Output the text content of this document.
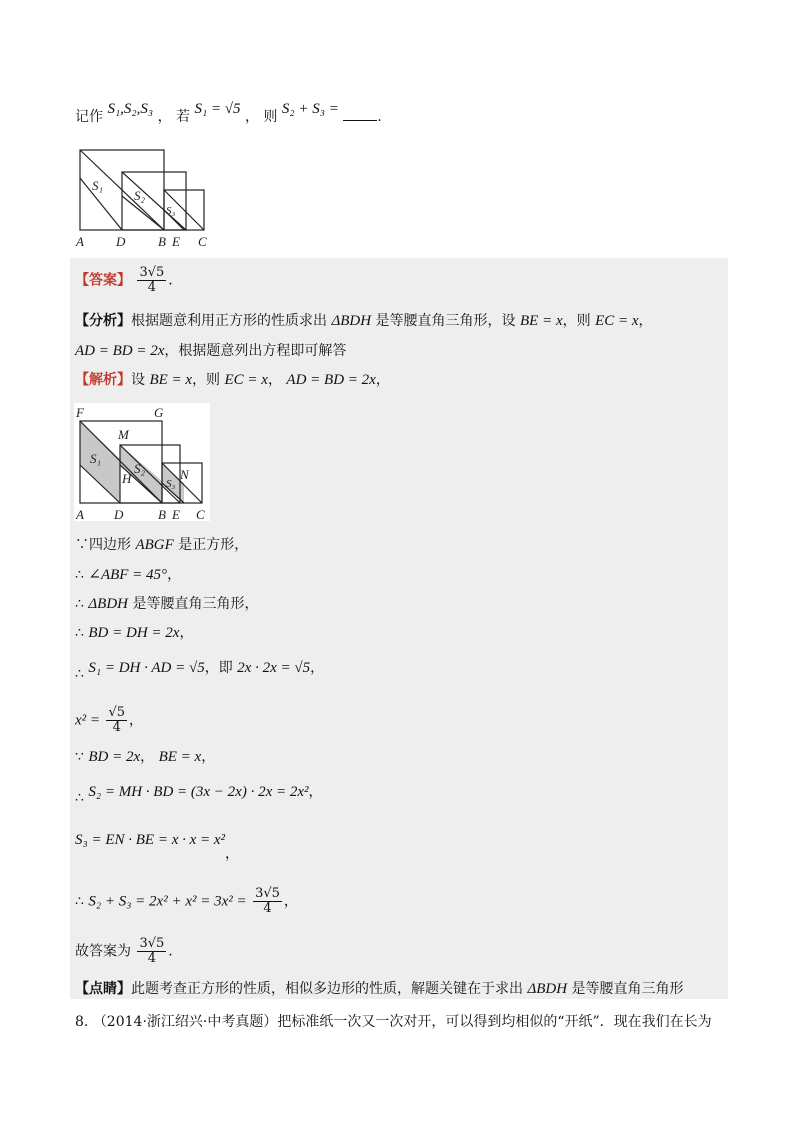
记作 S₁,S₂,S₃ ， 若 S₁ = √5 ， 则 S₂ + S₃ =	.
S₁
S₂
S₃
A D	B E C
【答案】 $\frac{3√5}{4}$ .
【分析】根据题意利用正方形的性质求出 ΔBDH 是等腰直角三角形，设 BE = x，则 EC = x，
AD = BD = 2x，根据题意列出方程即可解答
【解析】设 BE = x，则 EC = x， AD = BD = 2x，
F	G
M
S₁
H
S₂
S₃
N
A D	B E C
∵四边形 ABGF 是正方形，
∴ ∠ABF = 45°，
∴ ΔBDH 是等腰直角三角形，
∴ BD = DH = 2x，
∴ S₁ = DH · AD = √5，即 2x · 2x = √5，
$x^2 = \frac{√5}{4}$ ，
∵ BD = 2x， BE = x，
∴ S₂ = MH · BD = (3x − 2x) · 2x = 2x²，
S₃ = EN · BE = x · x = x²，
∴ $S_2 + S_3 = 2x^2 + x^2 = 3x^2 = \frac{3√5}{4}$ ，
故答案为 $\frac{3√5}{4}$ .
【点睛】此题考查正方形的性质，相似多边形的性质，解题关键在于求出 ΔBDH 是等腰直角三角形
8. （2014·浙江绍兴·中考真题）把标准纸一次又一次对开，可以得到均相似的“开纸”．现在我们在长为
